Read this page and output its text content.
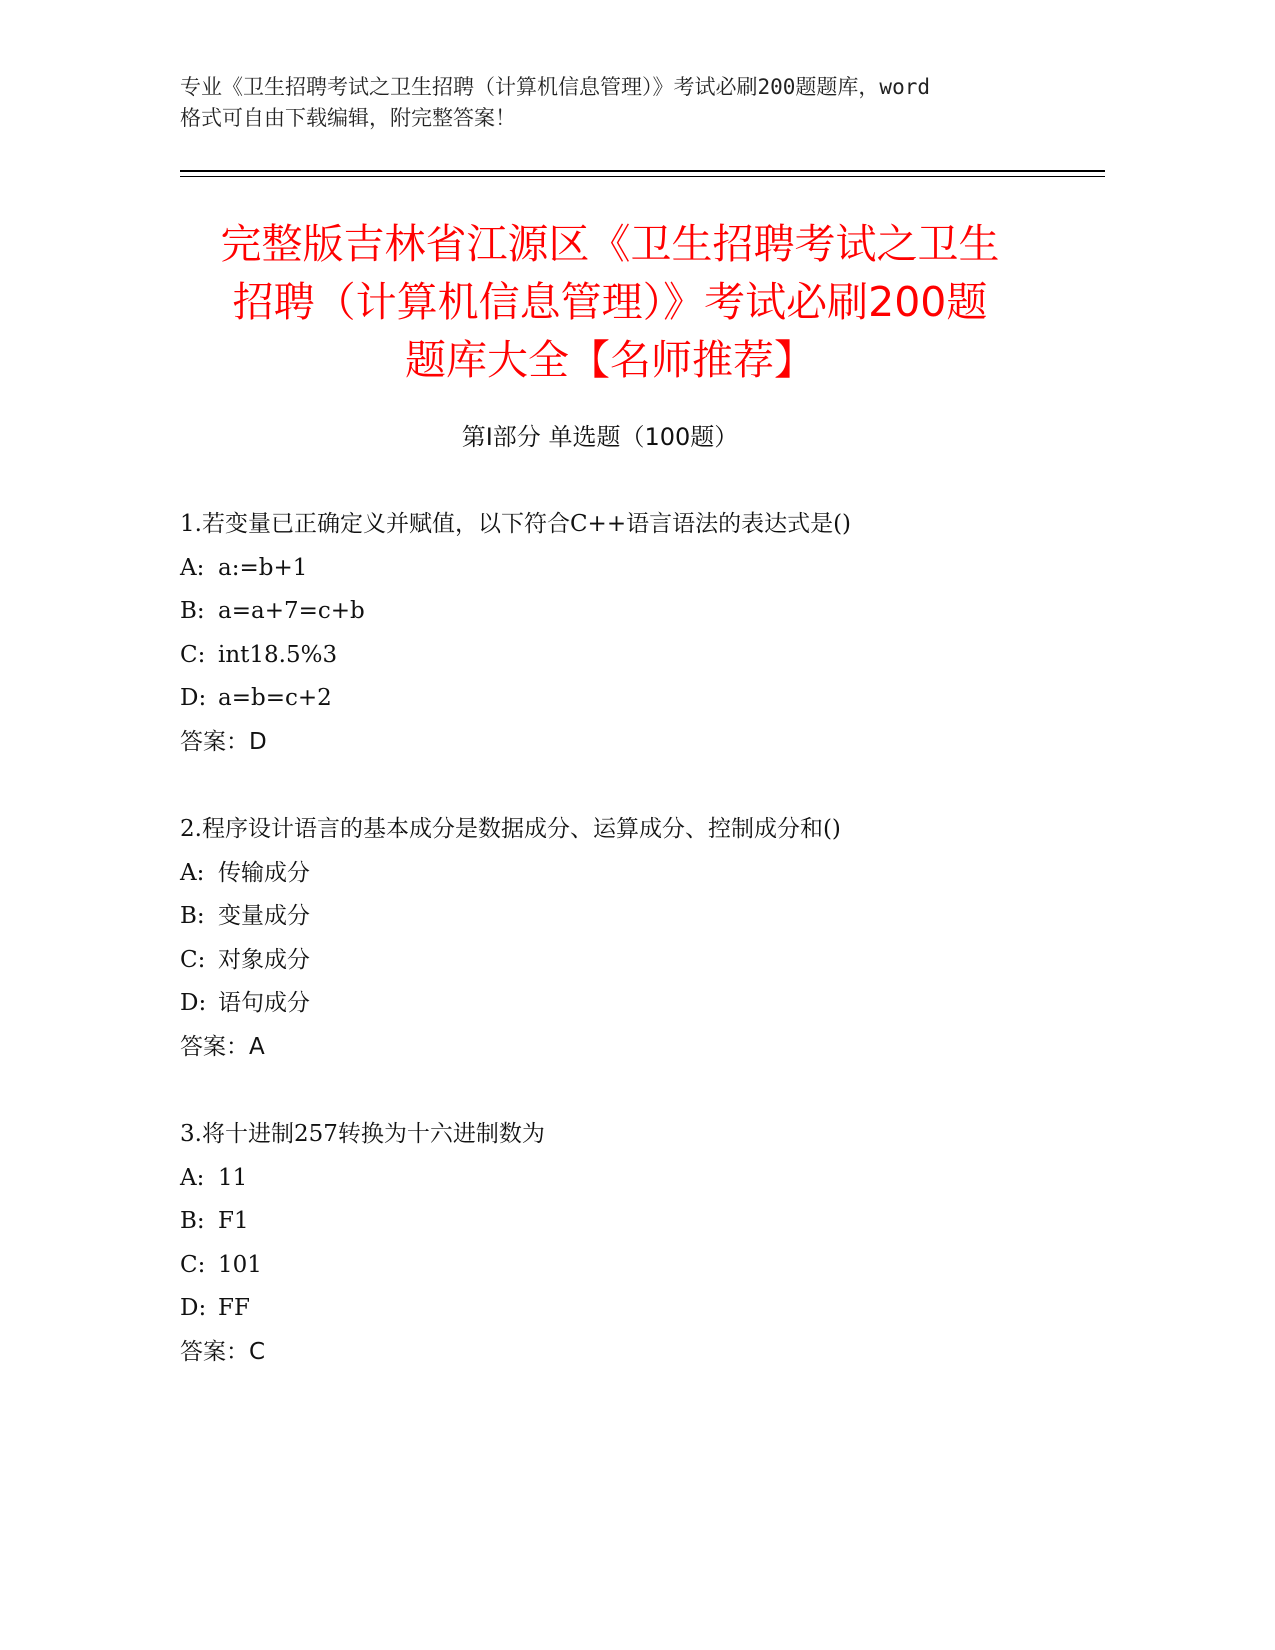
专业《卫生招聘考试之卫生招聘（计算机信息管理）》考试必刷200题题库，word
格式可自由下载编辑，附完整答案！
完整版吉林省江源区《卫生招聘考试之卫生
招聘（计算机信息管理）》考试必刷200题
题库大全【名师推荐】
第Ⅰ部分 单选题（100题）
1.若变量已正确定义并赋值，以下符合C++语言语法的表达式是()
A: a:=b+1
B: a=a+7=c+b
C: int18.5%3
D: a=b=c+2
答案：D
2.程序设计语言的基本成分是数据成分、运算成分、控制成分和()
A: 传输成分
B: 变量成分
C: 对象成分
D: 语句成分
答案：A
3.将十进制257转换为十六进制数为
A: 11
B: F1
C: 101
D: FF
答案：C
